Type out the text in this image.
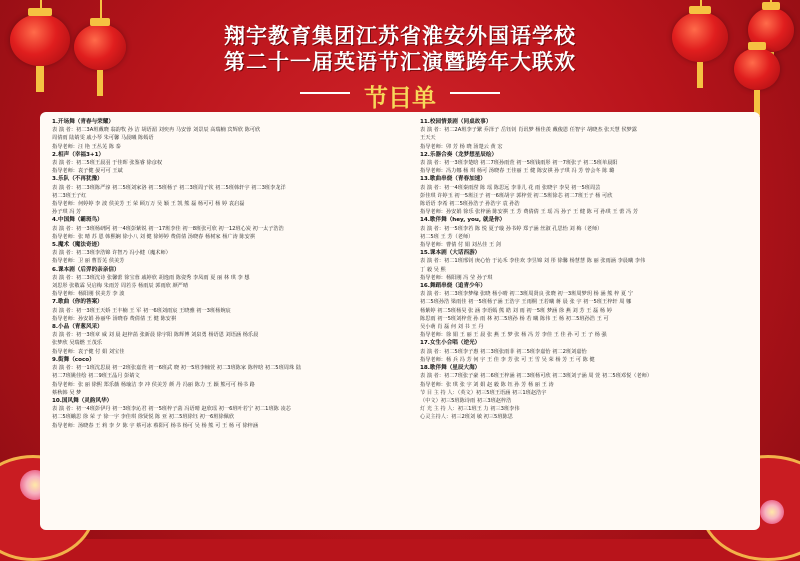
翔宇教育集团江苏省淮安外国语学校
第二十一届英语节汇演暨跨年大联欢
节目单
1.开场舞（青春与荣耀）
表 演 者：初二3A班戴晓 翁韵牧 孙 洁 胡语湄 刘奕冉 马安蓉 刘景辰 高瑞楠 宾辉欣 陈可欣
周倩雨 陆婧雯 戚小琴 朱可馨 马晨曦 陈嫣语
指导老师：汪 艳 王丛芜 陈 泰
2.相声（幸福3+1）
表 演 者：初二5班王晨羽 于佳晖 张鉴睿 徐彦权
指导老师：袁子健 晏可可 王斌
3.乐队（不再犹豫）
表 演 者：初二3班陈严淳 初二5班刘家洛 初二5班杨子 初二3班周子钦 初二5班韩轩宇 初二3班李龙洋
初二3班王子红
指导老师：何婷婷 李 波 侯美芳 王 荣 顾万万 吴 颖 王 凯 熊 磊 杨可可 杨 婷 袁启磊
孙子琪 冯 芳
4.中国舞（霸斑鸟）
表 演 者：初一3班杨研阿 初一4班彭紫锐 初一17班李佳 初一8班张可欣 初一12班心炭 初一太子浩浩
指导老师：张 晴 苏 恩 韩熙娴 徐小八 刘 健 徐婷婷 费倩倩 汤晓春 杨树家 杨广涛 陈安祺
5.魔术（魔法奇迹）
表 演 者：初二3班李浩锦 许智乃 冯小健（魔术师）
指导老师：卫 丽 曹晋芜 侯美芳
6.课本剧（后羿的亲亲信）
表 演 者：初二3班沈诗 张馨蕾 徐宝蓉 戚婷欣 胡逸雨 陈姿秀 李凤雨 夏 丽 林 琪 李 想
刘思彤 张敬霖 吴启梅 朱雨芳 周若芬 杨雨辰 郭雨欣 颜严晴
指导老师：杨阳刚 侯美芳 李 波
7.歌曲（你的答案）
表 演 者：初一3班王天娇 王丰楠 王 军 初一6班刘雨宸 王晓雅 初一3班杨婉宸
指导老师：孙安娟 孙丽华 汤晓春 费倩倩 王 健 陈安祺
8.小品（青葱风采）
表 演 者：初一3班章 威 刘 晨 赵梓菡 张新晨 徐宇阳 陈辉博 刘泉勇 杨语恩 刘语涵 杨乐晨
张梦欣 吴瑞燃 王茂乐
指导老师：袁子健 付 娟 刘宝佳
9.街舞（coco）
表 演 者：初一1班沈思晨 初一2班张嘉萱 初一6班武 晓 初一5班李楠萱 初二3班陈家 陈梓晗 初二5班周珠 陆
初二7班姚佳绘 初二9班王晶月 彭婧文
指导老师：张 丽 徐熙 郑乐薇 杨瑜洁 李 冲 侯美芳 颜 丹 冯丽 陈力 王 颖 熊可可 杨书 路
蔡秋韩 吴 梦
10.国风舞（灵韵风华）
表 演 者：初一4班彭伊丹 初一3班李沁君 初一5班梓子菡 冯语晴 赵欣瑶 初一6班叶若宁 初二1班陈 凌芯
初二5班蛾思 徐 荣 子 徐一宇 李佳琪 徐贤悦 陈 亚 初二5班徐钰 初一6班徐佩欣
指导老师：汤晓春 王 莉 李 夕 陈 宇 蔡可冰 蔡阳可 杨书 杨可 吴 杨 熊 可 王 杨 可 徐梓涵
11.校园情景剧（同桌故事）
表 演 者：初二2A班李子繁 乔泽子 岳钰钊 肖讯梦 杨佳羡 戴俊恩 任智宇 胡晓杰 张天慧 侯梦露
王天天
指导老师：卯 芳 杨 晓 汤楚云 黄 宏
12.乐器合奏（龙梦想星辰绘）
表 演 者：初一3班李楚晗 初二7班孙雨萱 初一5班钱雨彤 初一7班张子 初二5班单晨阳
指导老师：冯力娜 杨 琪 杨可 汤晓春 王佳丽 王 健 陈安祺 孙子琪 冯 芳 曾会冬 陈 璐
13.歌曲串烧（青春加速）
表 演 者：初一4班秦雨滢 陈 瑶 陈思远 李菲儿 花 雨 张晓宇 李昊 初一5班周芸
彭佳琪 许婷玉 初一5班汪子 初一6班胡宇 郭梓萱 初二5班徐芯 初二7班王子 杨 可欣
陈语语 李希 初二5班孙浩子 孙浩宇 袁 孙浩
指导老师：孙安娟 徐乐 张梓涵 陈安祺 王 芳 费倩倩 王 瑶 冯 孙子 王 健 陈 可 孙琪 王 蕾 冯 芳
14.歌伴舞（hey, you, 就是你）
表 演 者：初一5班李若 陈 悦 夏子璇 孙书婷 郑子涵 丝淑 孔思怡 刘 梅（老师）
初二5班 王 芳（老师）
指导老师：曹倩 付 娟 刘丛佳 王 剑
15.课本剧（大话西游）
表 演 者：初二1班邢钊 庚心怡 于沁禾 李佳欢 李昱锦 刘 彤 徐馨 杨慧慧 陈 丽 张雨涵 李晨曦 李伟
丁 毅 吴 熙
指导老师：杨阳刚 冯 莹 孙子琪
16.舞蹈串烧（追青少年）
表 演 者：初二3班李梦缘 张晓 杨小晴 初二3班周贤良 张晓 初一3班周梦玥 杨 涵 熊 梓 夏 宁
初二5班孙浩 梁雨佳 初一5班杨子涵 王浩宇 王雨桐 王若曦 蒋 晨 张 宇 初一5班王梓轩 周 娜
杨紫婷 初二5班杨昊 张 涵 李语嫣 熊 皓 刘 雨 初一5班 梦涵 徐 燕 刘 芳 王 磊 杨 婷
陈思雨 初一5班刘梓萱 孙 雨 林 初二5班孙 杨 若 曦 陈伟 王 杨 初二5班孙浩 王 可
吴小萌 肖 磊 何 刘 书 王 丹
指导老师：徐 娟 王 丽 王 晨 张 燕 王 梦 张 杨 冯 芳 李佳 王 佳 孙 可 王 子 杨 强
17.女生小合唱（逆光）
表 演 者：初二5班李子惠 初二3班张雨菲 初二5班李嘉怡 初二2班刘嘉怡
指导老师：杨 兵 冯 芳 何 宇 王 佳 李 芳 张 可 王 雪 吴 荣 杨 芳 王 可 陈 健
18.歌伴舞（星辰大海）
表 演 者：初二7班张子豪 初二6班王梓涵 初二3班杨可欣 初二3班刘子涵 周 萱 初二5班邓悦（老师）
指导老师：张 琪 张 宇 刘 娟 赵 毅 陈 钰 孙 芳 杨 丽 王 涛
节 目 主 持 人：（英文）初三5班王语涵 初三1班赵浩宇
（中文）初三5班陈诗雨 初三3班赵梓浩
灯 光 主 持 人：初三1班王 力 初三3班李伟
心灵主持人：初三2班刘 敏 初三5班陈思
